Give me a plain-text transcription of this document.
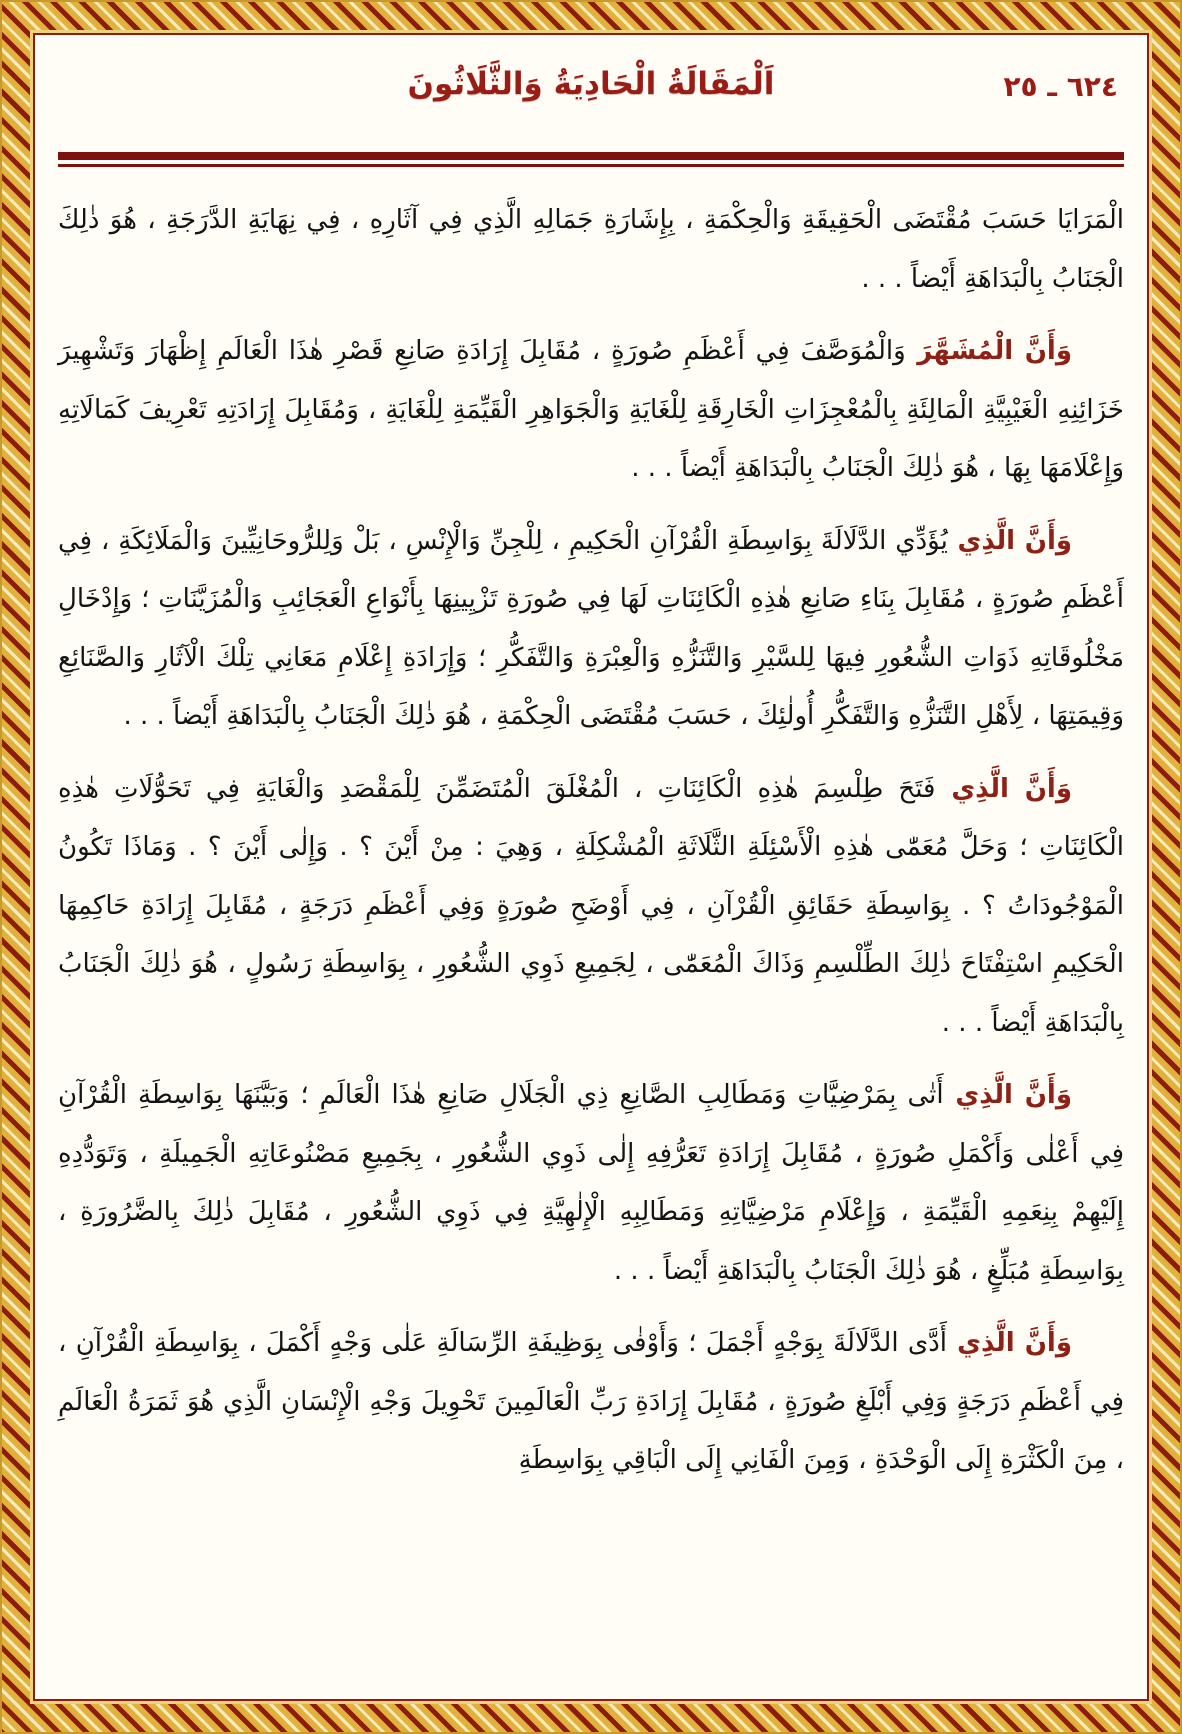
٦٢٤ ـ ٢٥
اَلْمَقَالَةُ الْحَادِيَةُ وَالثَّلَاثُونَ

الْمَرَايَا حَسَبَ مُقْتَضَى الْحَقِيقَةِ وَالْحِكْمَةِ ، بِإِشَارَةِ جَمَالِهِ الَّذِي فِي آثَارِهِ ، فِي نِهَايَةِ الدَّرَجَةِ ، هُوَ ذٰلِكَ الْجَنَابُ بِالْبَدَاهَةِ أَيْضاً . . .

وَأَنَّ الْمُشَهَّرَ وَالْمُوَصَّفَ فِي أَعْظَمِ صُورَةٍ ، مُقَابِلَ إِرَادَةِ صَانِعِ قَصْرِ هٰذَا الْعَالَمِ إِظْهَارَ وَتَشْهِيرَ خَزَائِنِهِ الْغَيْبِيَّةِ الْمَالِئَةِ بِالْمُعْجِزَاتِ الْخَارِقَةِ لِلْغَايَةِ وَالْجَوَاهِرِ الْقَيِّمَةِ لِلْغَايَةِ ، وَمُقَابِلَ إِرَادَتِهِ تَعْرِيفَ كَمَالَاتِهِ وَإِعْلَامَهَا بِهَا ، هُوَ ذٰلِكَ الْجَنَابُ بِالْبَدَاهَةِ أَيْضاً . . .

وَأَنَّ الَّذِي يُؤَدِّي الدَّلَالَةَ بِوَاسِطَةِ الْقُرْآنِ الْحَكِيمِ ، لِلْجِنِّ وَالْإِنْسِ ، بَلْ وَلِلرُّوحَانِيِّينَ وَالْمَلَائِكَةِ ، فِي أَعْظَمِ صُورَةٍ ، مُقَابِلَ بِنَاءِ صَانِعِ هٰذِهِ الْكَائِنَاتِ لَهَا فِي صُورَةِ تَزْيِينِهَا بِأَنْوَاعِ الْعَجَائِبِ وَالْمُزَيَّنَاتِ ؛ وَإِدْخَالِ مَخْلُوقَاتِهِ ذَوَاتِ الشُّعُورِ فِيهَا لِلسَّيْرِ وَالتَّنَزُّهِ وَالْعِبْرَةِ وَالتَّفَكُّرِ ؛ وَإِرَادَةِ إِعْلَامِ مَعَانِي تِلْكَ الْآثَارِ وَالصَّنَائِعِ وَقِيمَتِهَا ، لِأَهْلِ التَّنَزُّهِ وَالتَّفَكُّرِ أُولٰئِكَ ، حَسَبَ مُقْتَضَى الْحِكْمَةِ ، هُوَ ذٰلِكَ الْجَنَابُ بِالْبَدَاهَةِ أَيْضاً . . .

وَأَنَّ الَّذِي فَتَحَ طِلْسِمَ هٰذِهِ الْكَائِنَاتِ ، الْمُغْلَقَ الْمُتَضَمِّنَ لِلْمَقْصَدِ وَالْغَايَةِ فِي تَحَوُّلَاتِ هٰذِهِ الْكَائِنَاتِ ؛ وَحَلَّ مُعَمّٰى هٰذِهِ الْأَسْئِلَةِ الثَّلَاثَةِ الْمُشْكِلَةِ ، وَهِيَ : مِنْ أَيْنَ ؟ . وَإِلٰى أَيْنَ ؟ . وَمَاذَا تَكُونُ الْمَوْجُودَاتُ ؟ . بِوَاسِطَةِ حَقَائِقِ الْقُرْآنِ ، فِي أَوْضَحِ صُورَةٍ وَفِي أَعْظَمِ دَرَجَةٍ ، مُقَابِلَ إِرَادَةِ حَاكِمِهَا الْحَكِيمِ اسْتِفْتَاحَ ذٰلِكَ الطِّلْسِمِ وَذَاكَ الْمُعَمّٰى ، لِجَمِيعِ ذَوِي الشُّعُورِ ، بِوَاسِطَةِ رَسُولٍ ، هُوَ ذٰلِكَ الْجَنَابُ بِالْبَدَاهَةِ أَيْضاً . . .

وَأَنَّ الَّذِي أَتٰى بِمَرْضِيَّاتِ وَمَطَالِبِ الصَّانِعِ ذِي الْجَلَالِ صَانِعِ هٰذَا الْعَالَمِ ؛ وَبَيَّنَهَا بِوَاسِطَةِ الْقُرْآنِ فِي أَعْلٰى وَأَكْمَلِ صُورَةٍ ، مُقَابِلَ إِرَادَةِ تَعَرُّفِهِ إِلٰى ذَوِي الشُّعُورِ ، بِجَمِيعِ مَصْنُوعَاتِهِ الْجَمِيلَةِ ، وَتَوَدُّدِهِ إِلَيْهِمْ بِنِعَمِهِ الْقَيِّمَةِ ، وَإِعْلَامِ مَرْضِيَّاتِهِ وَمَطَالِبِهِ الْإِلٰهِيَّةِ فِي ذَوِي الشُّعُورِ ، مُقَابِلَ ذٰلِكَ بِالضَّرُورَةِ ، بِوَاسِطَةِ مُبَلِّغٍ ، هُوَ ذٰلِكَ الْجَنَابُ بِالْبَدَاهَةِ أَيْضاً . . .

وَأَنَّ الَّذِي أَدَّى الدَّلَالَةَ بِوَجْهٍ أَجْمَلَ ؛ وَأَوْفٰى بِوَظِيفَةِ الرِّسَالَةِ عَلٰى وَجْهٍ أَكْمَلَ ، بِوَاسِطَةِ الْقُرْآنِ ، فِي أَعْظَمِ دَرَجَةٍ وَفِي أَبْلَغِ صُورَةٍ ، مُقَابِلَ إِرَادَةِ رَبِّ الْعَالَمِينَ تَحْوِيلَ وَجْهِ الْإِنْسَانِ الَّذِي هُوَ ثَمَرَةُ الْعَالَمِ ، مِنَ الْكَثْرَةِ إِلَى الْوَحْدَةِ ، وَمِنَ الْفَانِي إِلَى الْبَاقِي بِوَاسِطَةِ
